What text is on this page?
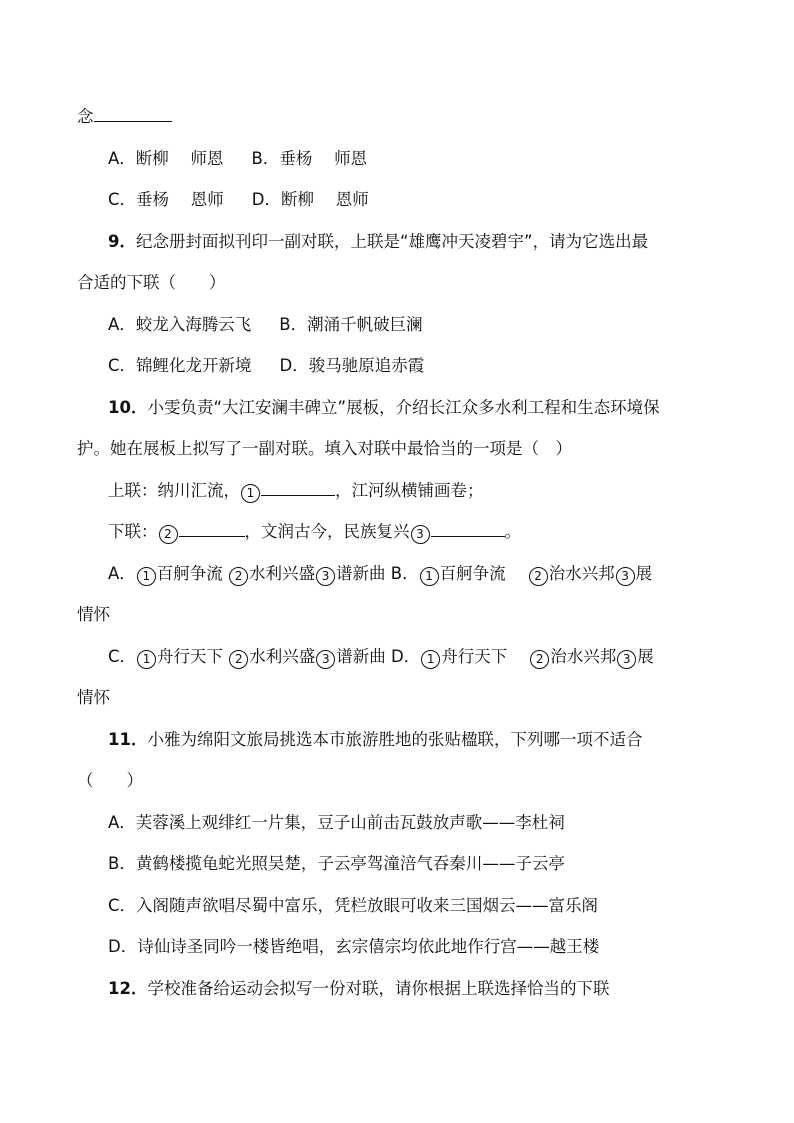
念
A．断柳　 师恩 B．垂杨　 师恩
C．垂杨　 恩师 D．断柳　 恩师
9．纪念册封面拟刊印一副对联，上联是“雄鹰冲天凌碧宇”，请为它选出最
合适的下联（　　）
A．蛟龙入海腾云飞 B．潮涌千帆破巨澜
C．锦鲤化龙开新境 D．骏马驰原追赤霞
10．小雯负责“大江安澜丰碑立”展板，介绍长江众多水利工程和生态环境保
护。她在展板上拟写了一副对联。填入对联中最恰当的一项是（　）
上联：纳川汇流， 1	，江河纵横铺画卷；
下联： 2	，文润古今，民族复兴 3	。
A． 1 百舸争流 2 水利兴盛 3 谱新曲 B． 1 百舸争流 2 治水兴邦 3 展
情怀
C． 1 舟行天下 2 水利兴盛 3 谱新曲 D． 1 舟行天下 2 治水兴邦 3 展
情怀
11．小雅为绵阳文旅局挑选本市旅游胜地的张贴楹联，下列哪一项不适合
（　　）
A．芙蓉溪上观绯红一片集，豆子山前击瓦鼓放声歌——李杜祠
B．黄鹤楼揽龟蛇光照吴楚，子云亭驾潼涪气吞秦川——子云亭
C．入阁随声欲唱尽蜀中富乐，凭栏放眼可收来三国烟云——富乐阁
D．诗仙诗圣同吟一楼皆绝唱，玄宗僖宗均依此地作行宫——越王楼
12．学校准备给运动会拟写一份对联，请你根据上联选择恰当的下联
